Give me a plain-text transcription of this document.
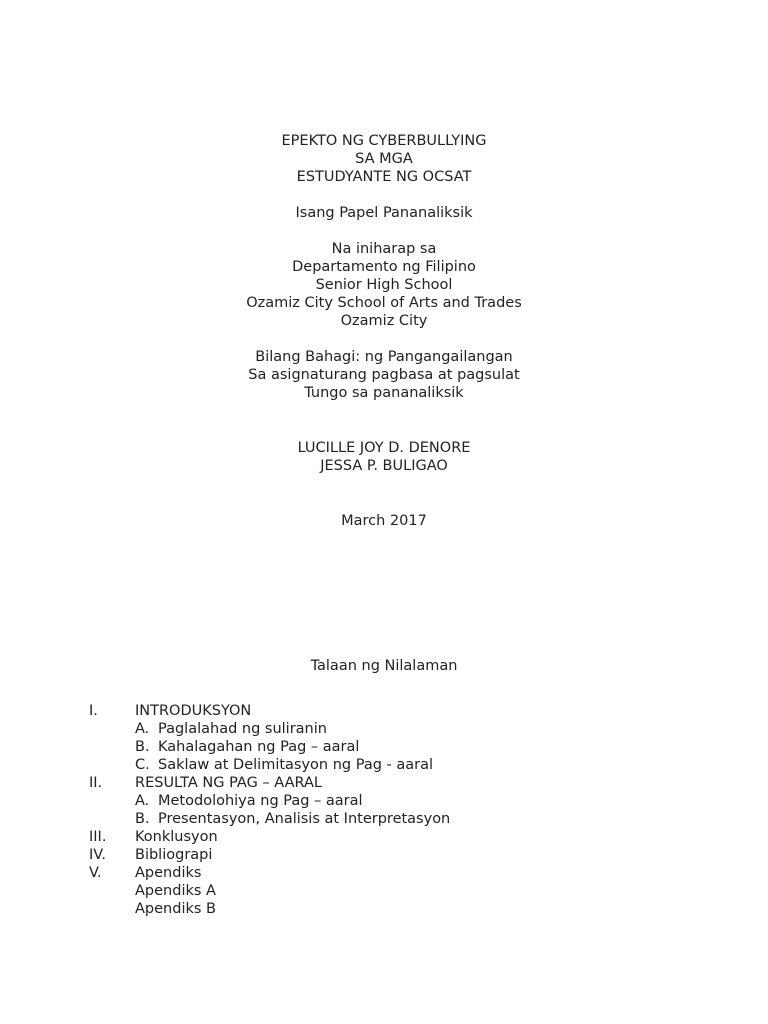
EPEKTO NG CYBERBULLYING
SA MGA
ESTUDYANTE NG OCSAT
Isang Papel Pananaliksik
Na iniharap sa
Departamento ng Filipino
Senior High School
Ozamiz City School of Arts and Trades
Ozamiz City
Bilang Bahagi: ng Pangangailangan
Sa asignaturang pagbasa at pagsulat
Tungo sa pananaliksik
LUCILLE JOY D. DENORE
JESSA P. BULIGAO
March 2017
Talaan ng Nilalaman
I.	INTRODUKSYON
A. Paglalahad ng suliranin
B. Kahalagahan ng Pag – aaral
C. Saklaw at Delimitasyon ng Pag - aaral
II. RESULTA NG PAG – AARAL
A. Metodolohiya ng Pag – aaral
B. Presentasyon, Analisis at Interpretasyon
III. Konklusyon
IV. Bibliograpi
V. Apendiks
Apendiks A
Apendiks B
